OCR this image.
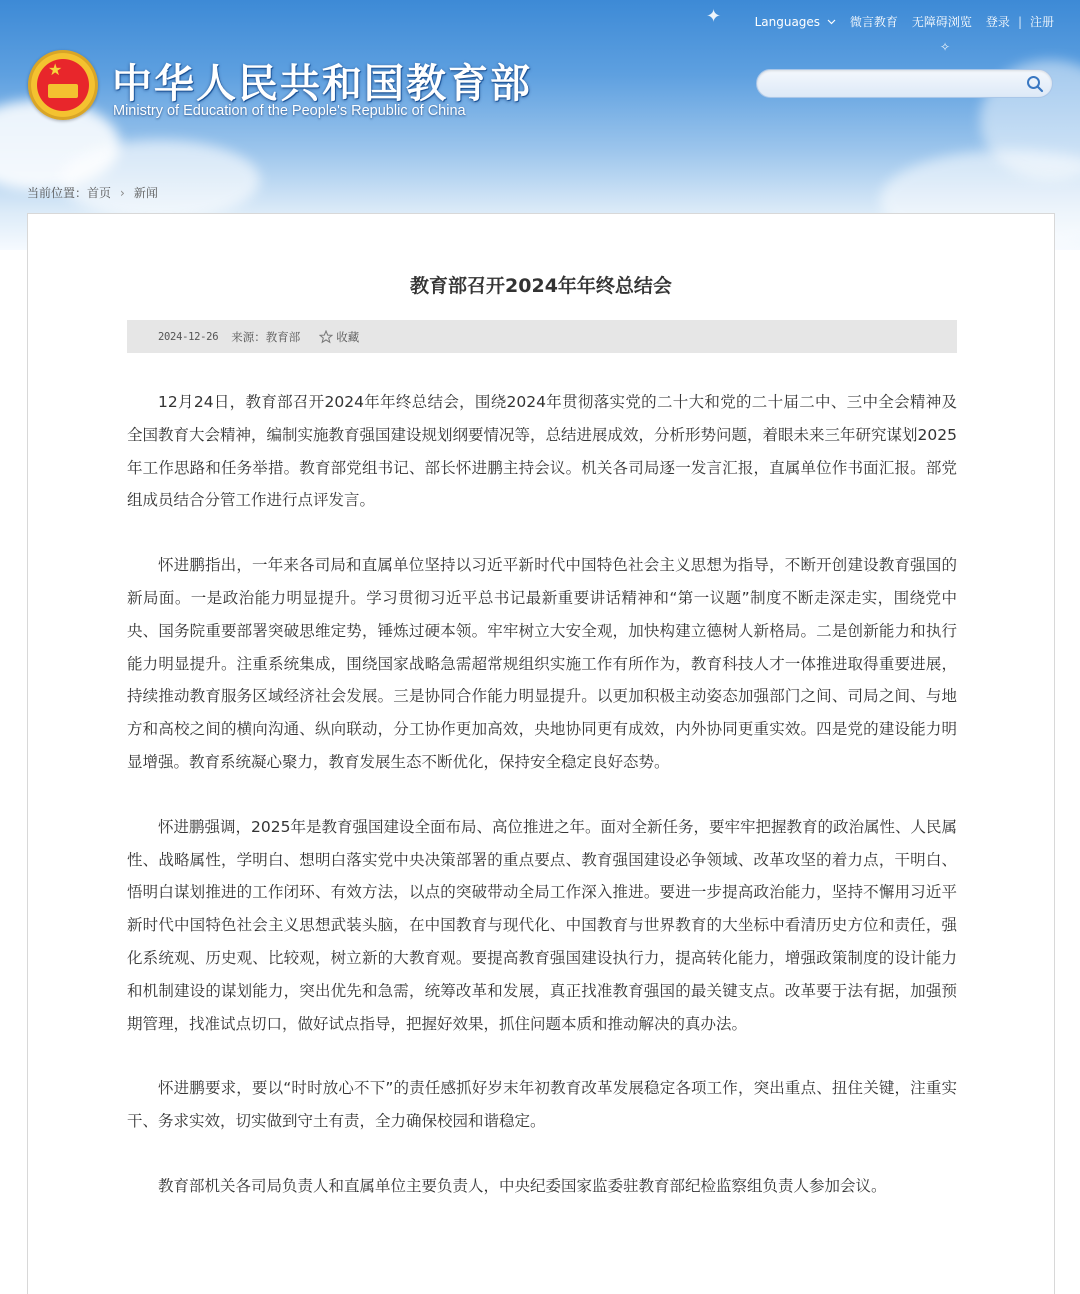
✦
✧
★ 中华人民共和国教育部
Ministry of Education of the People's Republic of China
Languages	微言教育 无障碍浏览 登录 | 注册
当前位置：首页 › 新闻
教育部召开2024年年终总结会
2024-12-26 来源： 教育部	收藏

12月24日，教育部召开2024年年终总结会，围绕2024年贯彻落实党的二十大和党的二十届二中、三中全会精神及全国教育大会精神，编制实施教育强国建设规划纲要情况等，总结进展成效，分析形势问题，着眼未来三年研究谋划2025年工作思路和任务举措。教育部党组书记、部长怀进鹏主持会议。机关各司局逐一发言汇报，直属单位作书面汇报。部党组成员结合分管工作进行点评发言。

怀进鹏指出，一年来各司局和直属单位坚持以习近平新时代中国特色社会主义思想为指导，不断开创建设教育强国的新局面。一是政治能力明显提升。学习贯彻习近平总书记最新重要讲话精神和“第一议题”制度不断走深走实，围绕党中央、国务院重要部署突破思维定势，锤炼过硬本领。牢牢树立大安全观，加快构建立德树人新格局。二是创新能力和执行能力明显提升。注重系统集成，围绕国家战略急需超常规组织实施工作有所作为，教育科技人才一体推进取得重要进展，持续推动教育服务区域经济社会发展。三是协同合作能力明显提升。以更加积极主动姿态加强部门之间、司局之间、与地方和高校之间的横向沟通、纵向联动，分工协作更加高效，央地协同更有成效，内外协同更重实效。四是党的建设能力明显增强。教育系统凝心聚力，教育发展生态不断优化，保持安全稳定良好态势。

怀进鹏强调，2025年是教育强国建设全面布局、高位推进之年。面对全新任务，要牢牢把握教育的政治属性、人民属性、战略属性，学明白、想明白落实党中央决策部署的重点要点、教育强国建设必争领域、改革攻坚的着力点，干明白、悟明白谋划推进的工作闭环、有效方法，以点的突破带动全局工作深入推进。要进一步提高政治能力，坚持不懈用习近平新时代中国特色社会主义思想武装头脑，在中国教育与现代化、中国教育与世界教育的大坐标中看清历史方位和责任，强化系统观、历史观、比较观，树立新的大教育观。要提高教育强国建设执行力，提高转化能力，增强政策制度的设计能力和机制建设的谋划能力，突出优先和急需，统筹改革和发展，真正找准教育强国的最关键支点。改革要于法有据，加强预期管理，找准试点切口，做好试点指导，把握好效果，抓住问题本质和推动解决的真办法。

怀进鹏要求，要以“时时放心不下”的责任感抓好岁末年初教育改革发展稳定各项工作，突出重点、扭住关键，注重实干、务求实效，切实做到守土有责，全力确保校园和谐稳定。

教育部机关各司局负责人和直属单位主要负责人，中央纪委国家监委驻教育部纪检监察组负责人参加会议。
